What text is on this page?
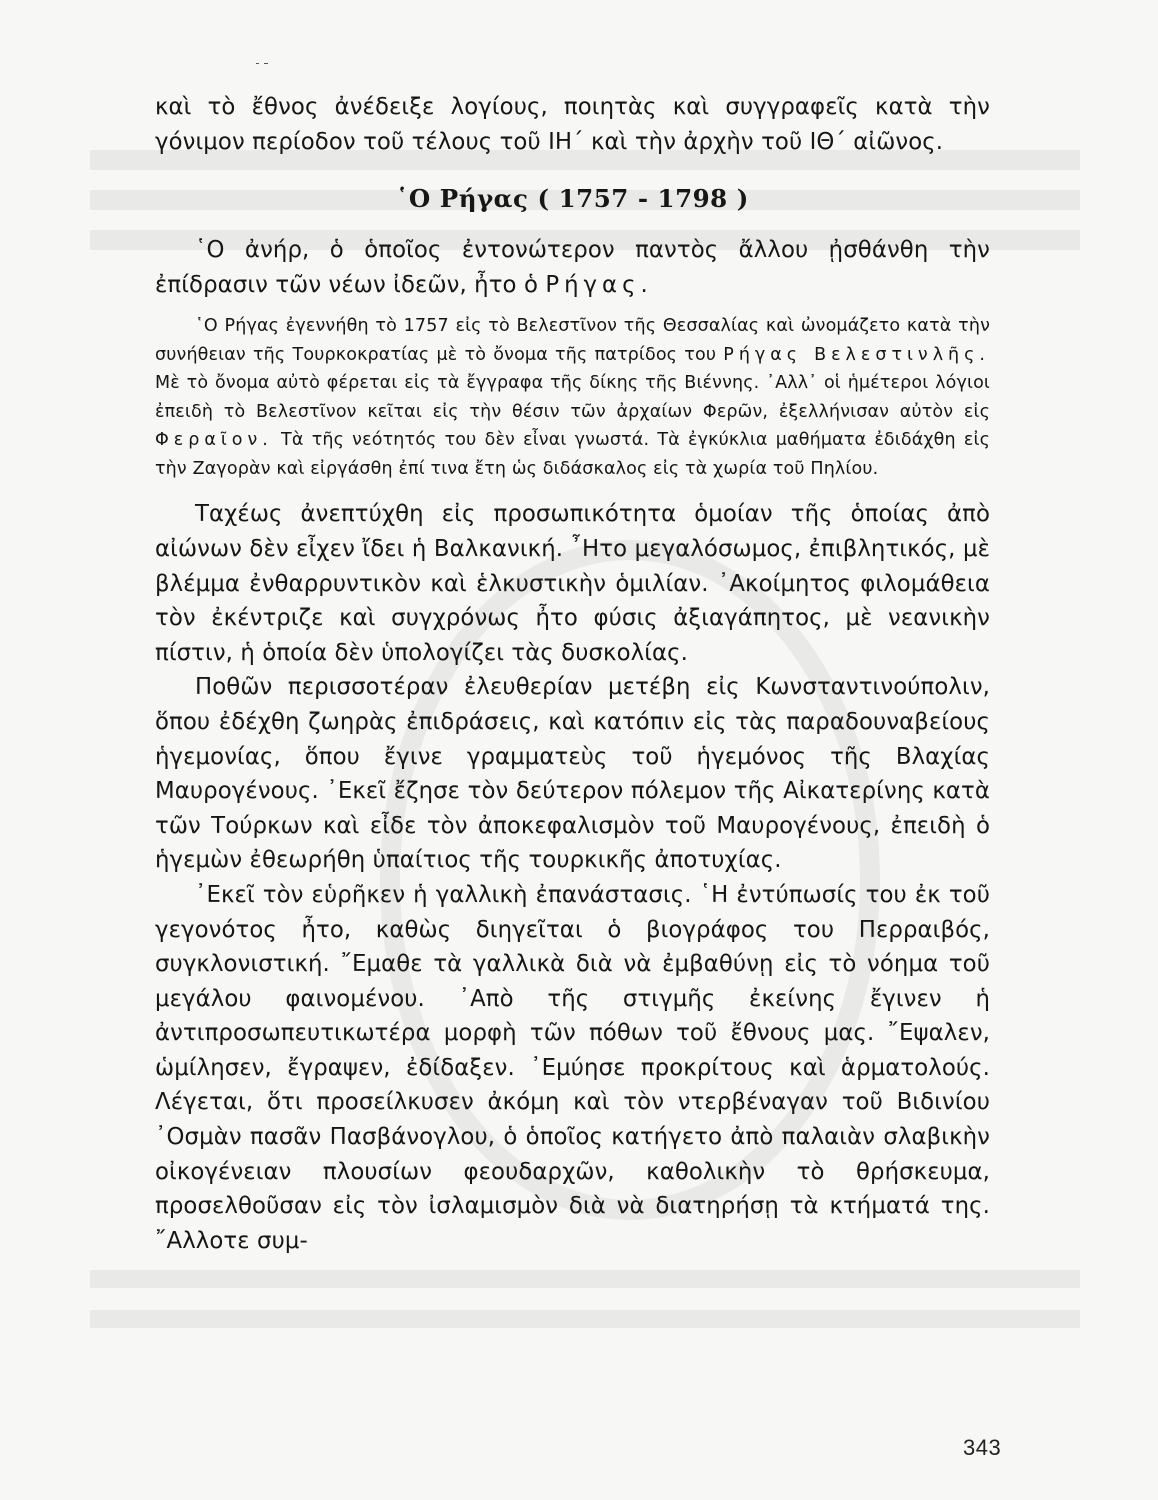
καὶ τὸ ἔθνος ἀνέδειξε λογίους, ποιητὰς καὶ συγγραφεῖς κατὰ τὴν γόνιμον περίοδον τοῦ τέλους τοῦ ΙΗ΄ καὶ τὴν ἀρχὴν τοῦ ΙΘ΄ αἰῶνος.

῾Ο Ρήγας ( 1757 - 1798 )

῾Ο ἀνήρ, ὁ ὁποῖος ἐντονώτερον παντὸς ἄλλου ᾐσθάνθη τὴν ἐπίδρασιν τῶν νέων ἰδεῶν, ἦτο ὁ Ρήγας.

῾Ο Ρήγας ἐγεννήθη τὸ 1757 εἰς τὸ Βελεστῖνον τῆς Θεσσαλίας καὶ ὠνομάζετο κατὰ τὴν συνήθειαν τῆς Τουρκοκρατίας μὲ τὸ ὄνομα τῆς πατρίδος του Ρήγας Βελεστινλῆς. Μὲ τὸ ὄνομα αὐτὸ φέρεται εἰς τὰ ἔγγραφα τῆς δίκης τῆς Βιέννης. ᾿Αλλ᾽ οἱ ἡμέτεροι λόγιοι ἐπειδὴ τὸ Βελεστῖνον κεῖται εἰς τὴν θέσιν τῶν ἀρχαίων Φερῶν, ἐξελλήνισαν αὐτὸν εἰς Φεραῖον. Τὰ τῆς νεότητός του δὲν εἶναι γνωστά. Τὰ ἐγκύκλια μαθήματα ἐδιδάχθη εἰς τὴν Ζαγορὰν καὶ εἰργάσθη ἐπί τινα ἔτη ὡς διδάσκαλος εἰς τὰ χωρία τοῦ Πηλίου.

Ταχέως ἀνεπτύχθη εἰς προσωπικότητα ὁμοίαν τῆς ὁποίας ἀπὸ αἰώνων δὲν εἶχεν ἴδει ἡ Βαλκανική. ῏Ητο μεγαλόσωμος, ἐπιβλητικός, μὲ βλέμμα ἐνθαρρυντικὸν καὶ ἑλκυστικὴν ὁμιλίαν. ᾿Ακοίμητος φιλομάθεια τὸν ἐκέντριζε καὶ συγχρόνως ἦτο φύσις ἀξιαγάπητος, μὲ νεανικὴν πίστιν, ἡ ὁποία δὲν ὑπολογίζει τὰς δυσκολίας.

Ποθῶν περισσοτέραν ἐλευθερίαν μετέβη εἰς Κωνσταντινούπολιν, ὅπου ἐδέχθη ζωηρὰς ἐπιδράσεις, καὶ κατόπιν εἰς τὰς παραδουναβείους ἡγεμονίας, ὅπου ἔγινε γραμματεὺς τοῦ ἡγεμόνος τῆς Βλαχίας Μαυρογένους. ᾿Εκεῖ ἔζησε τὸν δεύτερον πόλεμον τῆς Αἰκατερίνης κατὰ τῶν Τούρκων καὶ εἶδε τὸν ἀποκεφαλισμὸν τοῦ Μαυρογένους, ἐπειδὴ ὁ ἡγεμὼν ἐθεωρήθη ὑπαίτιος τῆς τουρκικῆς ἀποτυχίας.

᾿Εκεῖ τὸν εὑρῆκεν ἡ γαλλικὴ ἐπανάστασις. ῾Η ἐντύπωσίς του ἐκ τοῦ γεγονότος ἦτο, καθὼς διηγεῖται ὁ βιογράφος του Περραιβός, συγκλονιστική. ῎Εμαθε τὰ γαλλικὰ διὰ νὰ ἐμβαθύνῃ εἰς τὸ νόημα τοῦ μεγάλου φαινομένου. ᾿Απὸ τῆς στιγμῆς ἐκείνης ἔγινεν ἡ ἀντιπροσωπευτικωτέρα μορφὴ τῶν πόθων τοῦ ἔθνους μας. ῎Εψαλεν, ὡμίλησεν, ἔγραψεν, ἐδίδαξεν. ᾿Εμύησε προκρίτους καὶ ἁρματολούς. Λέγεται, ὅτι προσείλκυσεν ἀκόμη καὶ τὸν ντερβέναγαν τοῦ Βιδινίου ᾿Οσμὰν πασᾶν Πασβάνογλου, ὁ ὁποῖος κατήγετο ἀπὸ παλαιὰν σλαβικὴν οἰκογένειαν πλουσίων φεουδαρχῶν, καθολικὴν τὸ θρήσκευμα, προσελθοῦσαν εἰς τὸν ἰσλαμισμὸν διὰ νὰ διατηρήσῃ τὰ κτήματά της. ῎Αλλοτε συμ-

343
